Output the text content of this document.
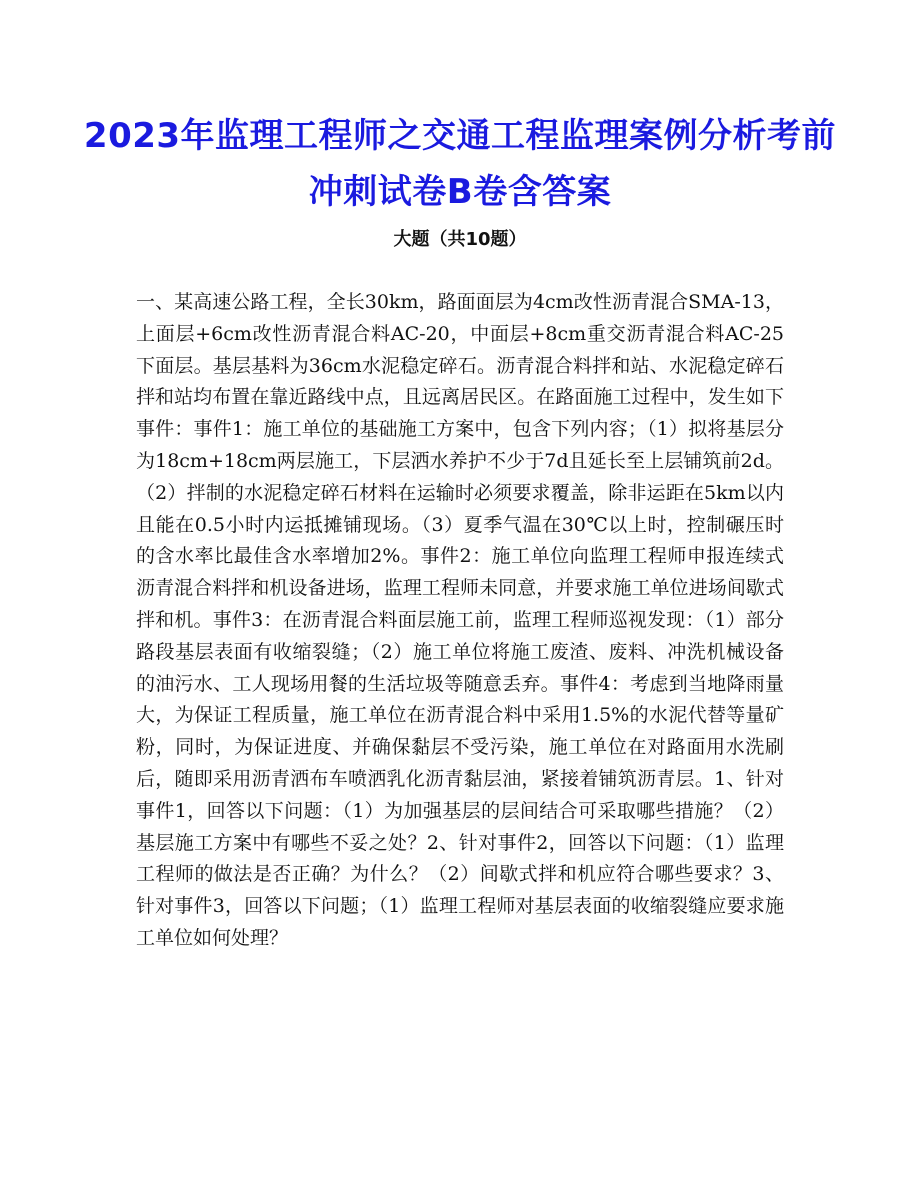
2023年监理工程师之交通工程监理案例分析考前冲刺试卷B卷含答案
大题（共10题）

一、某高速公路工程，全长30km，路面面层为4cm改性沥青混合SMA-13，上面层+6cm改性沥青混合料AC-20，中面层+8cm重交沥青混合料AC-25下面层。基层基料为36cm水泥稳定碎石。沥青混合料拌和站、水泥稳定碎石拌和站均布置在靠近路线中点，且远离居民区。在路面施工过程中，发生如下事件：事件1：施工单位的基础施工方案中，包含下列内容；（1）拟将基层分为18cm+18cm两层施工，下层洒水养护不少于7d且延长至上层铺筑前2d。（2）拌制的水泥稳定碎石材料在运输时必须要求覆盖，除非运距在5km以内且能在0.5小时内运抵摊铺现场。（3）夏季气温在30℃以上时，控制碾压时的含水率比最佳含水率增加2%。事件2：施工单位向监理工程师申报连续式沥青混合料拌和机设备进场，监理工程师未同意，并要求施工单位进场间歇式拌和机。事件3：在沥青混合料面层施工前，监理工程师巡视发现：（1）部分路段基层表面有收缩裂缝；（2）施工单位将施工废渣、废料、冲洗机械设备的油污水、工人现场用餐的生活垃圾等随意丢弃。事件4：考虑到当地降雨量大，为保证工程质量，施工单位在沥青混合料中采用1.5%的水泥代替等量矿粉，同时，为保证进度、并确保黏层不受污染，施工单位在对路面用水洗刷后，随即采用沥青洒布车喷洒乳化沥青黏层油，紧接着铺筑沥青层。1、针对事件1，回答以下问题：（1）为加强基层的层间结合可采取哪些措施？（2）基层施工方案中有哪些不妥之处？2、针对事件2，回答以下问题：（1）监理工程师的做法是否正确？为什么？（2）间歇式拌和机应符合哪些要求？3、针对事件3，回答以下问题；（1）监理工程师对基层表面的收缩裂缝应要求施工单位如何处理？
